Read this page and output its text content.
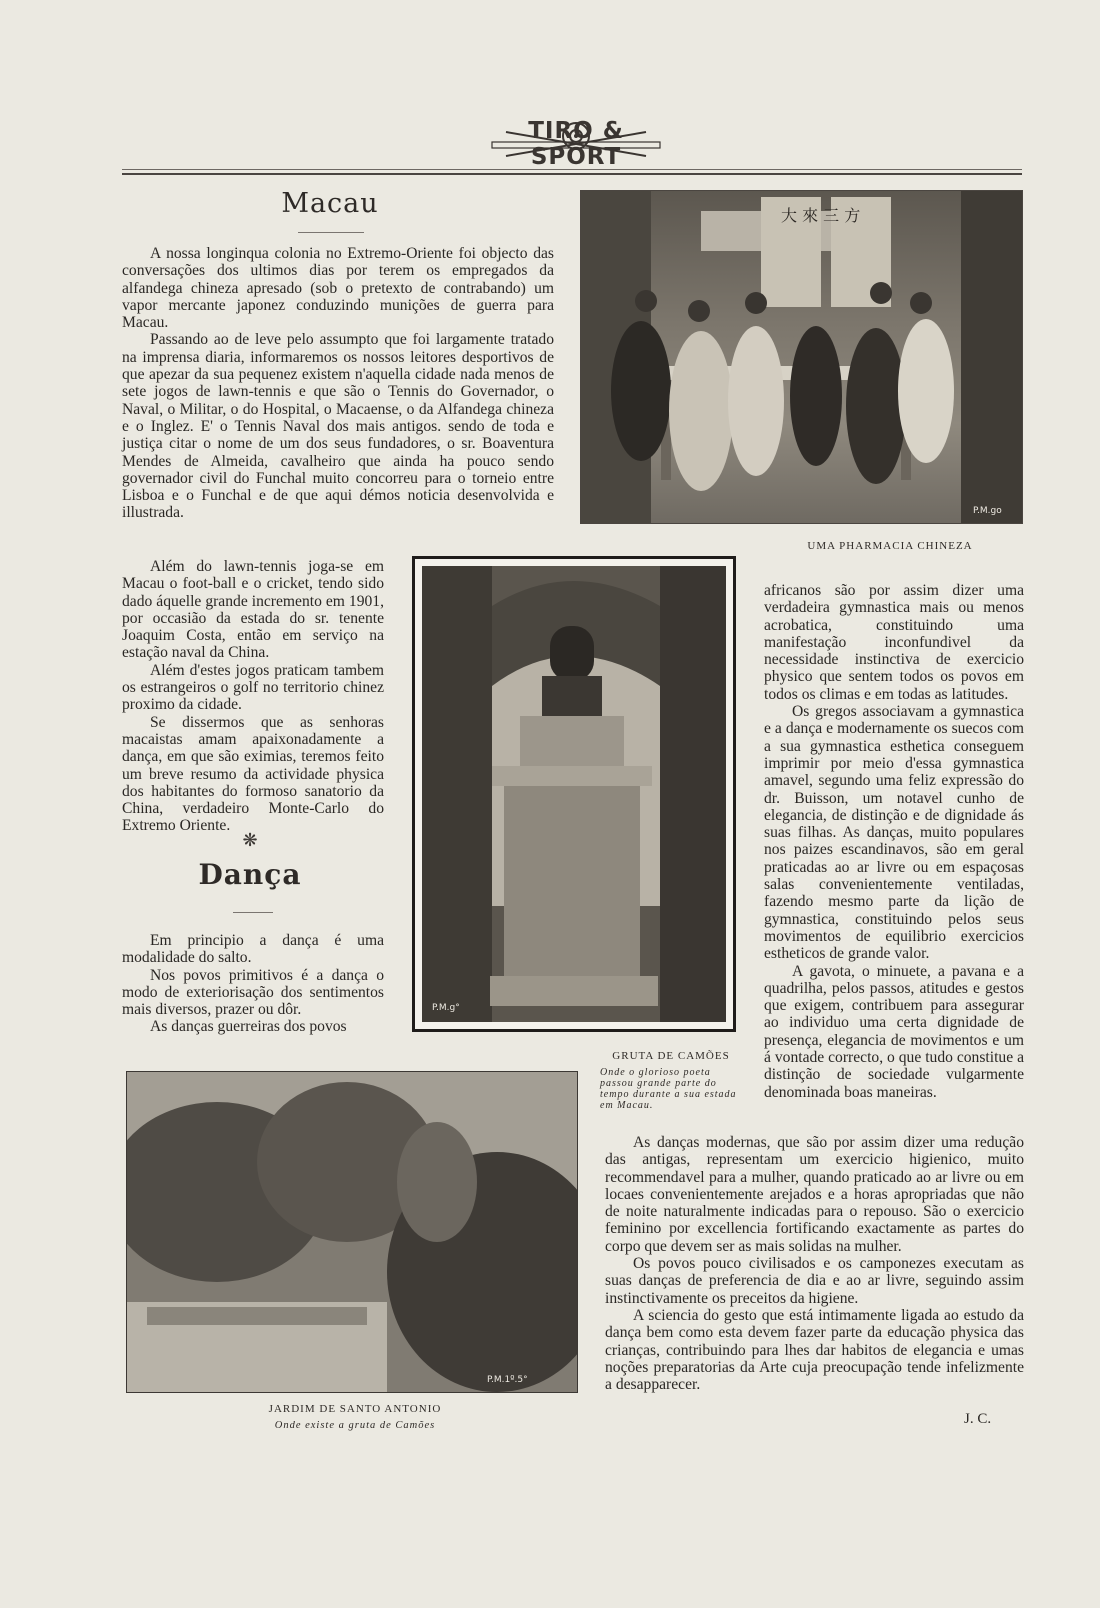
TIRO & SPORT
Macau

A nossa longinqua colonia no Extremo-Oriente foi objecto das conversações dos ultimos dias por terem os empregados da alfandega chineza apresado (sob o pretexto de contrabando) um vapor mercante japonez conduzindo munições de guerra para Macau.

Passando ao de leve pelo assumpto que foi largamente tratado na imprensa diaria, informaremos os nossos leitores desportivos de que apezar da sua pequenez existem n'aquella cidade nada menos de sete jogos de lawn-tennis e que são o Tennis do Governador, o Naval, o Militar, o do Hospital, o Macaense, o da Alfandega chineza e o Inglez. E' o Tennis Naval dos mais antigos. sendo de toda e justiça citar o nome de um dos seus fundadores, o sr. Boaventura Mendes de Almeida, cavalheiro que ainda ha pouco sendo governador civil do Funchal muito concorreu para o torneio entre Lisboa e o Funchal e de que aqui démos noticia desenvolvida e illustrada.

Além do lawn-tennis joga-se em Macau o foot-ball e o cricket, tendo sido dado áquelle grande incremento em 1901, por occasião da estada do sr. tenente Joaquim Costa, então em serviço na estação naval da China.

Além d'estes jogos praticam tambem os estrangeiros o golf no territorio chinez proximo da cidade.

Se dissermos que as senhoras macaistas amam apaixonadamente a dança, em que são eximias, teremos feito um breve resumo da actividade physica dos habitantes do formoso sanatorio da China, verdadeiro Monte-Carlo do Extremo Oriente.

❋
Dança

Em principio a dança é uma modalidade do salto.

Nos povos primitivos é a dança o modo de exteriorisação dos sentimentos mais diversos, prazer ou dôr.

As danças guerreiras dos povos

africanos são por assim dizer uma verdadeira gymnastica mais ou menos acrobatica, constituindo uma manifestação inconfundivel da necessidade instinctiva de exercicio physico que sentem todos os povos em todos os climas e em todas as latitudes.

Os gregos associavam a gymnastica e a dança e modernamente os suecos com a sua gymnastica esthetica conseguem imprimir por meio d'essa gymnastica amavel, segundo uma feliz expressão do dr. Buisson, um notavel cunho de elegancia, de distinção e de dignidade ás suas filhas. As danças, muito populares nos paizes escandinavos, são em geral praticadas ao ar livre ou em espaçosas salas convenientemente ventiladas, fazendo mesmo parte da lição de gymnastica, constituindo pelos seus movimentos de equilibrio exercicios estheticos de grande valor.

A gavota, o minuete, a pavana e a quadrilha, pelos passos, atitudes e gestos que exigem, contribuem para assegurar ao individuo uma certa dignidade de presença, elegancia de movimentos e um á vontade correcto, o que tudo constitue a distinção de sociedade vulgarmente denominada boas maneiras.

As danças modernas, que são por assim dizer uma redução das antigas, representam um exercicio higienico, muito recommendavel para a mulher, quando praticado ao ar livre ou em locaes convenientemente arejados e a horas apropriadas que não de noite naturalmente indicadas para o repouso. São o exercicio feminino por excellencia fortificando exactamente as partes do corpo que devem ser as mais solidas na mulher.

Os povos pouco civilisados e os camponezes executam as suas danças de preferencia de dia e ao ar livre, seguindo assim instinctivamente os preceitos da higiene.

A sciencia do gesto que está intimamente ligada ao estudo da dança bem como esta devem fazer parte da educação physica das crianças, contribuindo para lhes dar habitos de elegancia e umas noções preparatorias da Arte cuja preocupação tende infelizmente a desapparecer.

J. C.
大 來 三 方
P.M.go
UMA PHARMACIA CHINEZA
P.M.g°
GRUTA DE CAMÕES
Onde o glorioso poeta passou grande parte do tempo durante a sua estada em Macau.
P.M.1º.5°
JARDIM DE SANTO ANTONIO
Onde existe a gruta de Camões
